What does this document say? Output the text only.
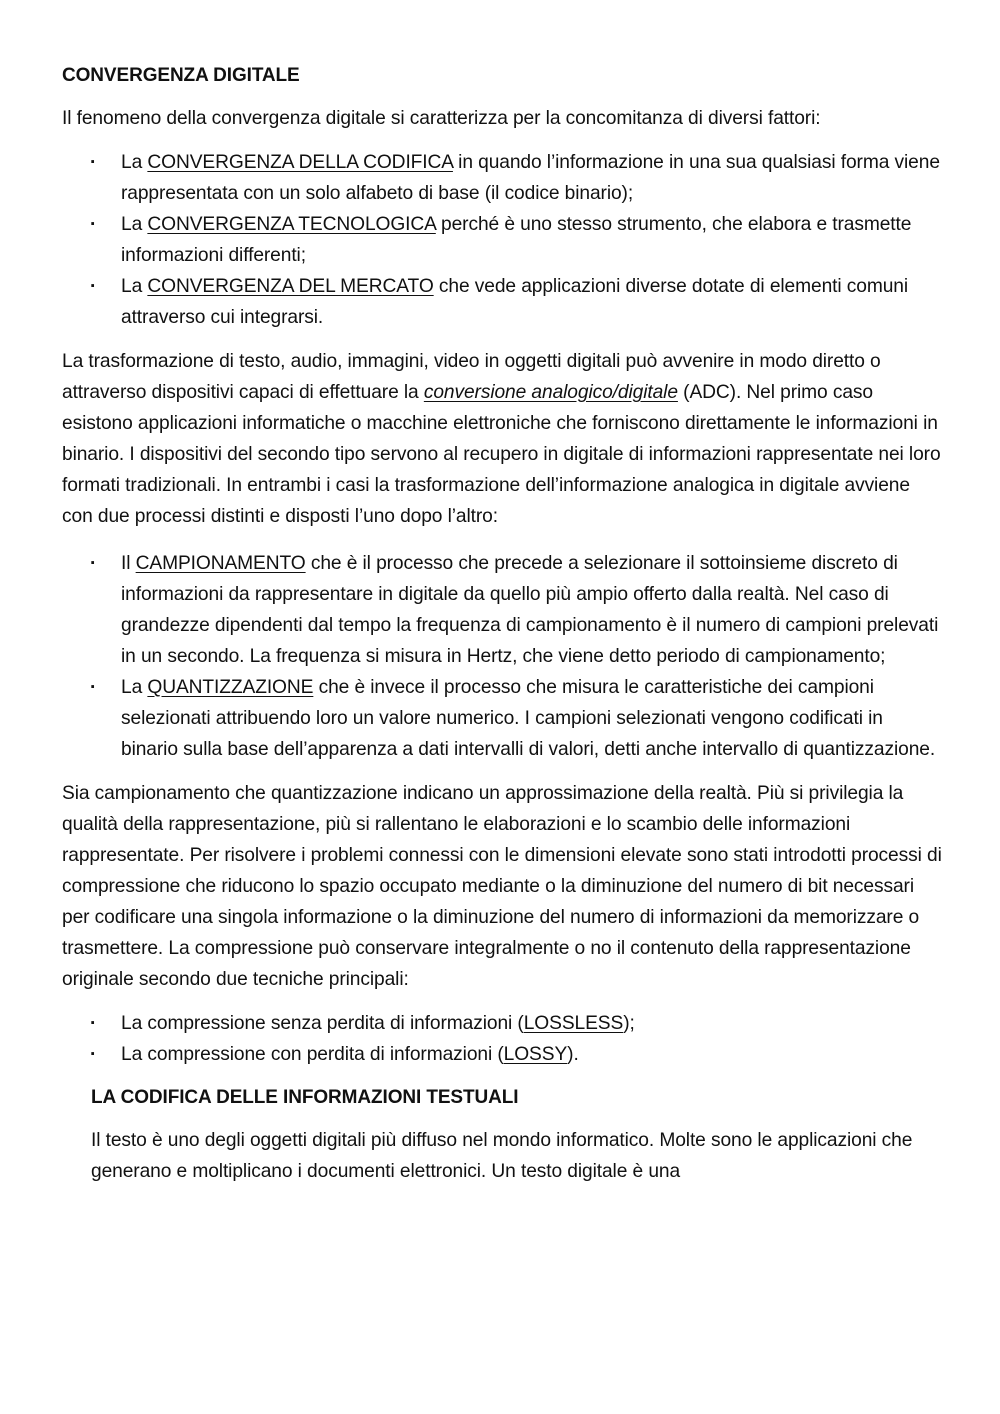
CONVERGENZA DIGITALE

Il fenomeno della convergenza digitale si caratterizza per la concomitanza di diversi fattori:

· La CONVERGENZA DELLA CODIFICA in quando l’informazione in una sua qualsiasi forma viene rappresentata con un solo alfabeto di base (il codice binario);
· La CONVERGENZA TECNOLOGICA perché è uno stesso strumento, che elabora e trasmette informazioni differenti;
· La CONVERGENZA DEL MERCATO che vede applicazioni diverse dotate di elementi comuni attraverso cui integrarsi.

La trasformazione di testo, audio, immagini, video in oggetti digitali può avvenire in modo diretto o attraverso dispositivi capaci di effettuare la conversione analogico/digitale (ADC). Nel primo caso esistono applicazioni informatiche o macchine elettroniche che forniscono direttamente le informazioni in binario. I dispositivi del secondo tipo servono al recupero in digitale di informazioni rappresentate nei loro formati tradizionali. In entrambi i casi la trasformazione dell’informazione analogica in digitale avviene con due processi distinti e disposti l’uno dopo l’altro:

· Il CAMPIONAMENTO che è il processo che precede a selezionare il sottoinsieme discreto di informazioni da rappresentare in digitale da quello più ampio offerto dalla realtà. Nel caso di grandezze dipendenti dal tempo la frequenza di campionamento è il numero di campioni prelevati in un secondo. La frequenza si misura in Hertz, che viene detto periodo di campionamento;
· La QUANTIZZAZIONE che è invece il processo che misura le caratteristiche dei campioni selezionati attribuendo loro un valore numerico. I campioni selezionati vengono codificati in binario sulla base dell’apparenza a dati intervalli di valori, detti anche intervallo di quantizzazione.

Sia campionamento che quantizzazione indicano un approssimazione della realtà. Più si privilegia la qualità della rappresentazione, più si rallentano le elaborazioni e lo scambio delle informazioni rappresentate. Per risolvere i problemi connessi con le dimensioni elevate sono stati introdotti processi di compressione che riducono lo spazio occupato mediante o la diminuzione del numero di bit necessari per codificare una singola informazione o la diminuzione del numero di informazioni da memorizzare o trasmettere. La compressione può conservare integralmente o no il contenuto della rappresentazione originale secondo due tecniche principali:

· La compressione senza perdita di informazioni (LOSSLESS);
· La compressione con perdita di informazioni (LOSSY).
LA CODIFICA DELLE INFORMAZIONI TESTUALI

Il testo è uno degli oggetti digitali più diffuso nel mondo informatico. Molte sono le applicazioni che generano e moltiplicano i documenti elettronici. Un testo digitale è una
